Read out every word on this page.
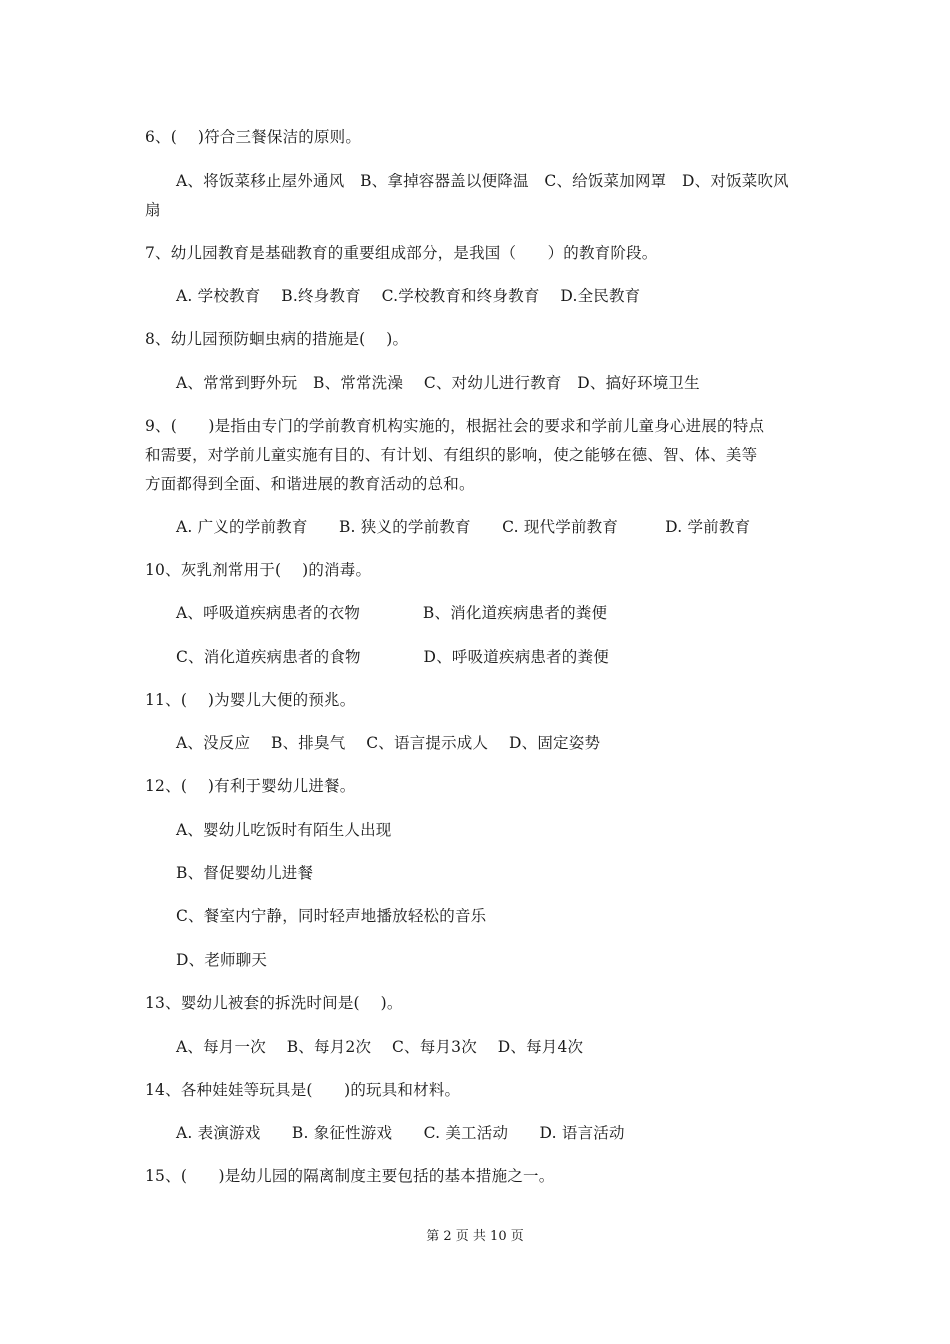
6、(　 )符合三餐保洁的原则。
A、将饭菜移止屋外通风　B、拿掉容器盖以便降温　C、给饭菜加网罩　D、对饭菜吹风
扇
7、幼儿园教育是基础教育的重要组成部分，是我国（　　）的教育阶段。
A. 学校教育　 B.终身教育　 C.学校教育和终身教育　 D.全民教育
8、幼儿园预防蛔虫病的措施是(　 )。
A、常常到野外玩　B、常常洗澡　 C、对幼儿进行教育　D、搞好环境卫生
9、(　　)是指由专门的学前教育机构实施的，根据社会的要求和学前儿童身心进展的特点
和需要，对学前儿童实施有目的、有计划、有组织的影响，使之能够在德、智、体、美等
方面都得到全面、和谐进展的教育活动的总和。
A. 广义的学前教育　　B. 狭义的学前教育　　C. 现代学前教育　　　D. 学前教育
10、灰乳剂常用于(　 )的消毒。
A、呼吸道疾病患者的衣物　　　　B、消化道疾病患者的粪便
C、消化道疾病患者的食物　　　　D、呼吸道疾病患者的粪便
11、(　 )为婴儿大便的预兆。
A、没反应　 B、排臭气　 C、语言提示成人　 D、固定姿势
12、(　 )有利于婴幼儿进餐。
A、婴幼儿吃饭时有陌生人出现
B、督促婴幼儿进餐
C、餐室内宁静，同时轻声地播放轻松的音乐
D、老师聊天
13、婴幼儿被套的拆洗时间是(　 )。
A、每月一次　 B、每月2次　 C、每月3次　 D、每月4次
14、各种娃娃等玩具是(　　)的玩具和材料。
A. 表演游戏　　B. 象征性游戏　　C. 美工活动　　D. 语言活动
15、(　　)是幼儿园的隔离制度主要包括的基本措施之一。
第 2 页 共 10 页
